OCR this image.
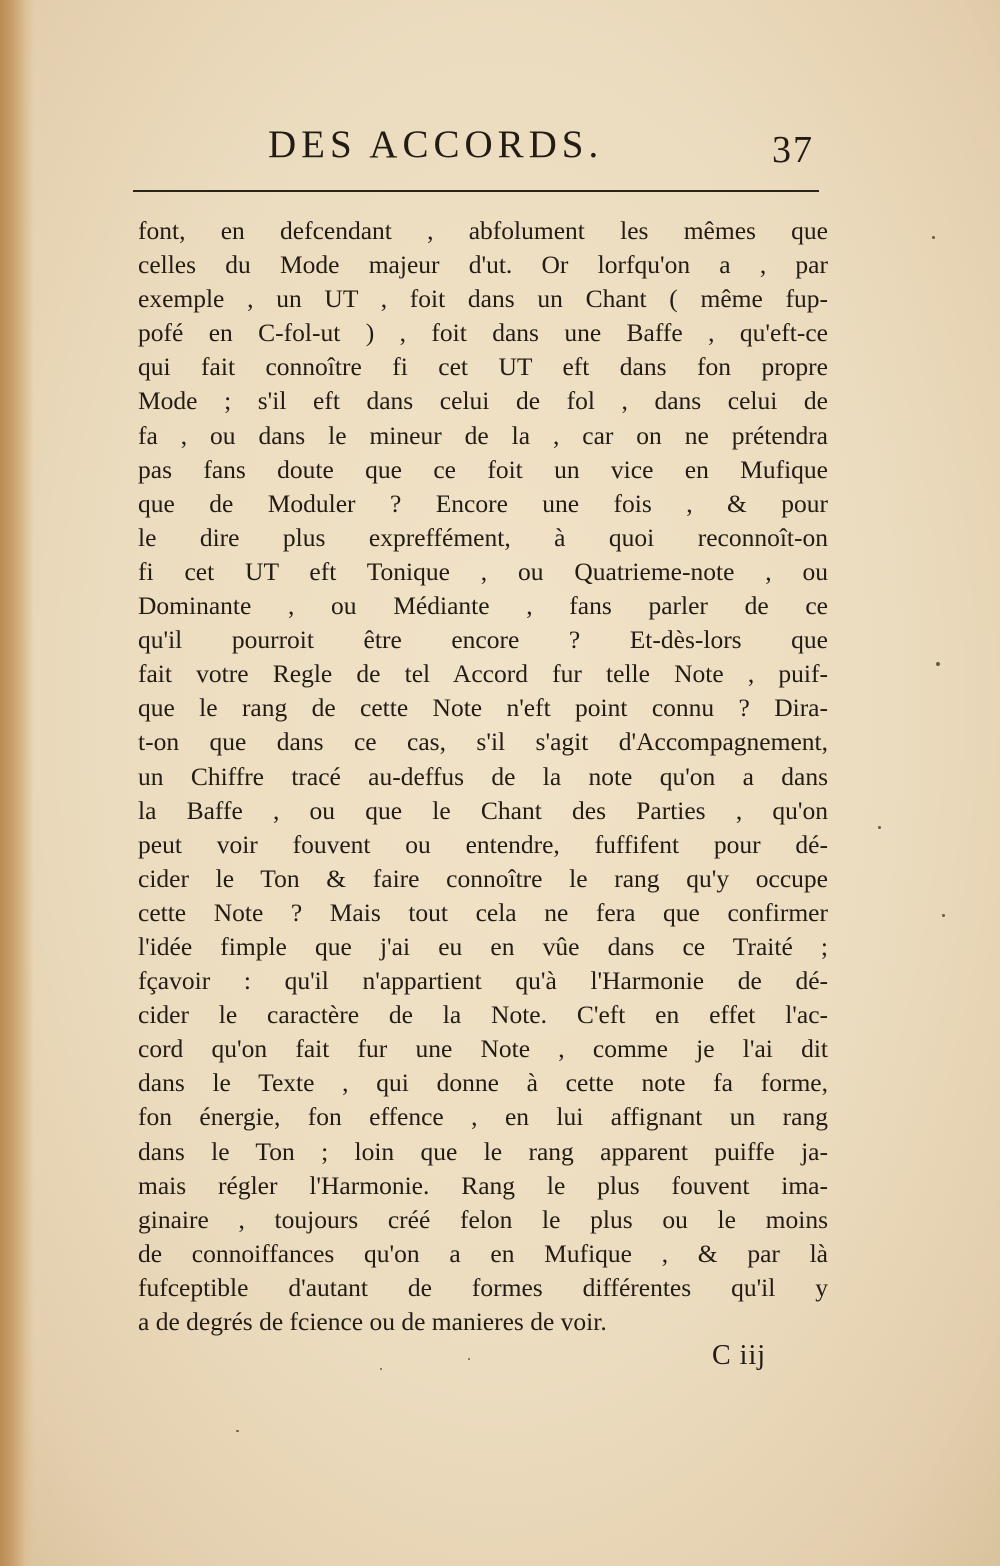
DES ACCORDS.	37
font, en defcendant , abfolument les mêmes que
celles du Mode majeur d'ut. Or lorfqu'on a , par
exemple , un UT , foit dans un Chant ( même fup-
pofé en C-fol-ut ) , foit dans une Baffe , qu'eft-ce
qui fait connoître fi cet UT eft dans fon propre
Mode ; s'il eft dans celui de fol , dans celui de
fa , ou dans le mineur de la , car on ne prétendra
pas fans doute que ce foit un vice en Mufique
que de Moduler ? Encore une fois , & pour
le dire plus expreffément, à quoi reconnoît-on
fi cet UT eft Tonique , ou Quatrieme-note , ou
Dominante , ou Médiante , fans parler de ce
qu'il pourroit être encore ? Et-dès-lors que
fait votre Regle de tel Accord fur telle Note , puif-
que le rang de cette Note n'eft point connu ? Dira-
t-on que dans ce cas, s'il s'agit d'Accompagnement,
un Chiffre tracé au-deffus de la note qu'on a dans
la Baffe , ou que le Chant des Parties , qu'on
peut voir fouvent ou entendre, fuffifent pour dé-
cider le Ton & faire connoître le rang qu'y occupe
cette Note ? Mais tout cela ne fera que confirmer
l'idée fimple que j'ai eu en vûe dans ce Traité ;
fçavoir : qu'il n'appartient qu'à l'Harmonie de dé-
cider le caractère de la Note. C'eft en effet l'ac-
cord qu'on fait fur une Note , comme je l'ai dit
dans le Texte , qui donne à cette note fa forme,
fon énergie, fon effence , en lui affignant un rang
dans le Ton ; loin que le rang apparent puiffe ja-
mais régler l'Harmonie. Rang le plus fouvent ima-
ginaire , toujours créé felon le plus ou le moins
de connoiffances qu'on a en Mufique , & par là
fufceptible d'autant de formes différentes qu'il y
a de degrés de fcience ou de manieres de voir.
C iij
